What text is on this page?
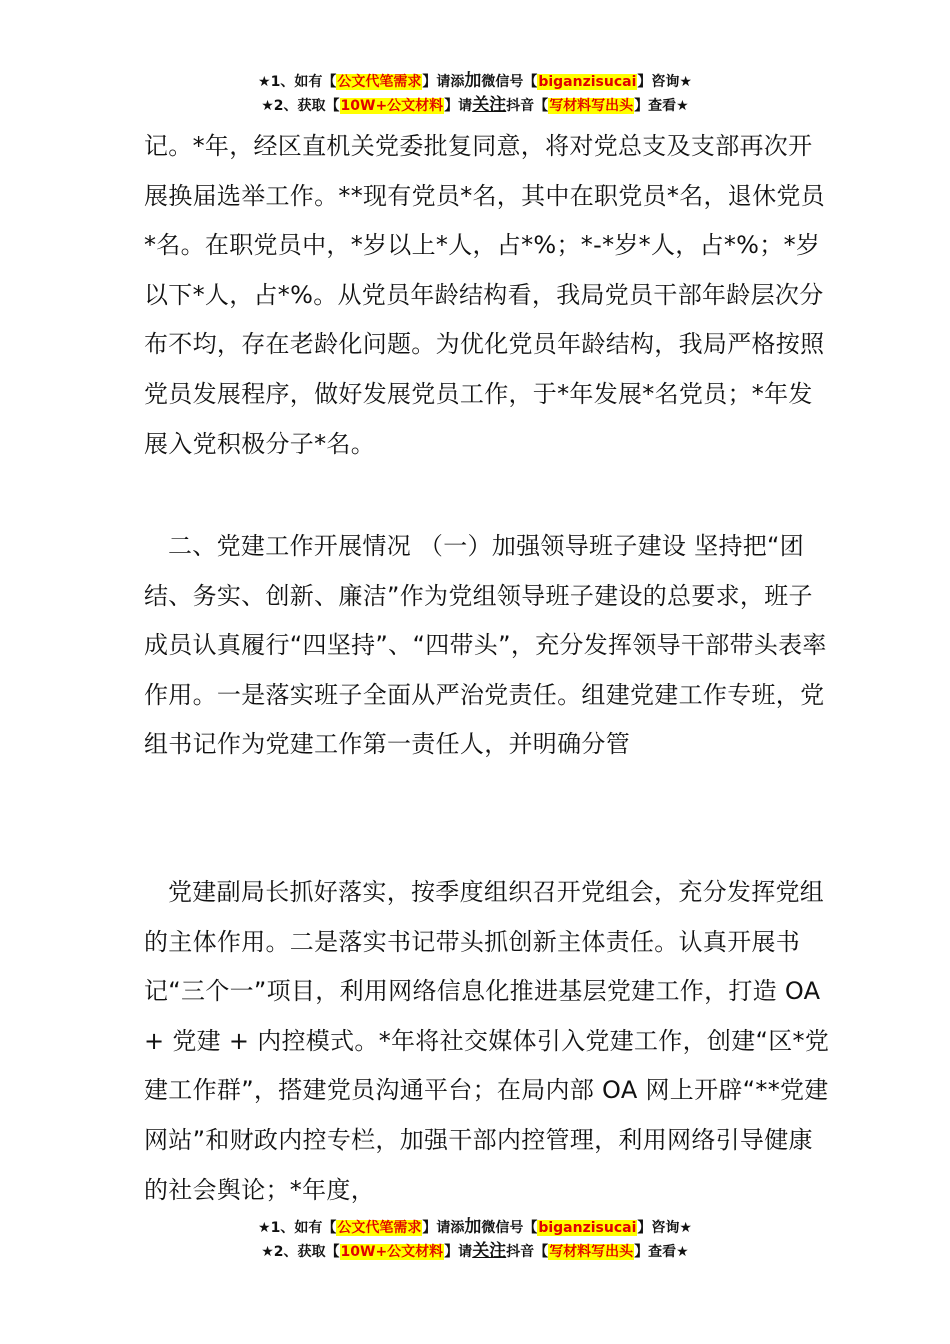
★1、如有【公文代笔需求】请添加微信号【biganzisucai】咨询★
★2、获取【10W+公文材料】请关注抖音【写材料写出头】查看★

记。*年，经区直机关党委批复同意，将对党总支及支部再次开展换届选举工作。**现有党员*名，其中在职党员*名，退休党员*名。在职党员中，*岁以上*人，占*%；*-*岁*人，占*%；*岁以下*人，占*%。从党员年龄结构看，我局党员干部年龄层次分布不均，存在老龄化问题。为优化党员年龄结构，我局严格按照党员发展程序，做好发展党员工作，于*年发展*名党员；*年发展入党积极分子*名。

二、党建工作开展情况 （一）加强领导班子建设 坚持把“团结、务实、创新、廉洁”作为党组领导班子建设的总要求，班子成员认真履行“四坚持”、“四带头”，充分发挥领导干部带头表率作用。一是落实班子全面从严治党责任。组建党建工作专班，党组书记作为党建工作第一责任人，并明确分管

党建副局长抓好落实，按季度组织召开党组会，充分发挥党组的主体作用。二是落实书记带头抓创新主体责任。认真开展书记“三个一”项目，利用网络信息化推进基层党建工作，打造 OA + 党建 + 内控模式。*年将社交媒体引入党建工作，创建“区*党建工作群”，搭建党员沟通平台；在局内部 OA 网上开辟“**党建网站”和财政内控专栏，加强干部内控管理，利用网络引导健康的社会舆论；*年度，

★1、如有【公文代笔需求】请添加微信号【biganzisucai】咨询★
★2、获取【10W+公文材料】请关注抖音【写材料写出头】查看★
